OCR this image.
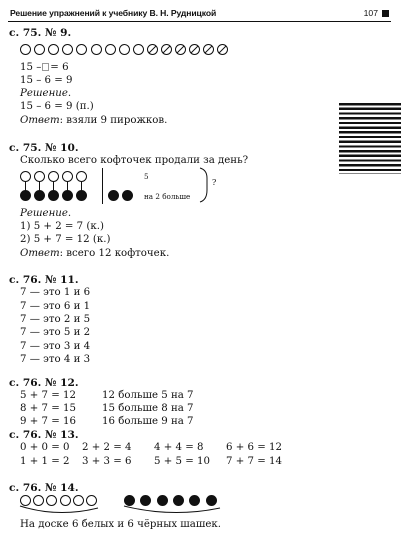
Решение упражнений к учебнику В. Н. Рудницкой	107
с. 75. № 9.
15 – = 6
15 – 6 = 9
Решение.
15 – 6 = 9 (п.)
Ответ: взяли 9 пирожков.
с. 75. № 10.
Сколько всего кофточек продали за день?
5
на 2 больше
?
Решение.
1) 5 + 2 = 7 (к.)
2) 5 + 7 = 12 (к.)
Ответ: всего 12 кофточек.
с. 76. № 11.
7 — это 1 и 6
7 — это 6 и 1
7 — это 2 и 5
7 — это 5 и 2
7 — это 3 и 4
7 — это 4 и 3
с. 76. № 12.
5 + 7 = 12	12 больше 5 на 7
8 + 7 = 15	15 больше 8 на 7
9 + 7 = 16	16 больше 9 на 7
с. 76. № 13.
0 + 0 = 0 2 + 2 = 4 4 + 4 = 8 6 + 6 = 12
1 + 1 = 2 3 + 3 = 6 5 + 5 = 10 7 + 7 = 14
с. 76. № 14.
На доске 6 белых и 6 чёрных шашек.
